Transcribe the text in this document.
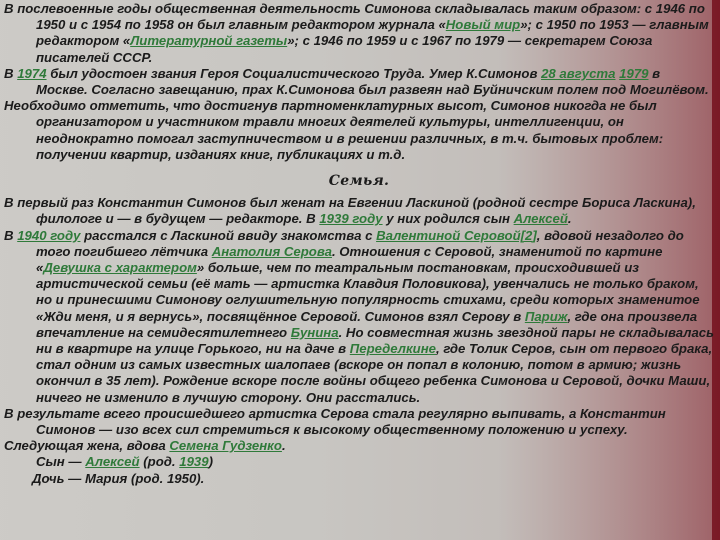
В послевоенные годы общественная деятельность Симонова складывалась таким образом: с 1946 по 1950 и с 1954 по 1958 он был главным редактором журнала «Новый мир»; с 1950 по 1953 — главным редактором «Литературной газеты»; с 1946 по 1959 и с 1967 по 1979 — секретарем Союза писателей СССР.

В 1974 был удостоен звания Героя Социалистического Труда. Умер К.Симонов 28 августа 1979 в Москве. Согласно завещанию, прах К.Симонова был развеян над Буйничским полем под Могилёвом.

Необходимо отметить, что достигнув партноменклатурных высот, Симонов никогда не был организатором и участником травли многих деятелей культуры, интеллигенции, он неоднократно помогал заступничеством и в решении различных, в т.ч. бытовых проблем: получении квартир, изданиях книг, публикациях и т.д.

Семья.

В первый раз Константин Симонов был женат на Евгении Ласкиной (родной сестре Бориса Ласкина), филологе и — в будущем — редакторе. В 1939 году у них родился сын Алексей.

В 1940 году расстался с Ласкиной ввиду знакомства с Валентиной Серовой[2], вдовой незадолго до того погибшего лётчика Анатолия Серова. Отношения с Серовой, знаменитой по картине «Девушка с характером» больше, чем по театральным постановкам, происходившей из артистической семьи (её мать — артистка Клавдия Половикова), увенчались не только браком, но и принесшими Симонову оглушительную популярность стихами, среди которых знаменитое «Жди меня, и я вернусь», посвящённое Серовой. Симонов взял Серову в Париж, где она произвела впечатление на семидесятилетнего Бунина. Но совместная жизнь звездной пары не складывалась ни в квартире на улице Горького, ни на даче в Переделкине, где Толик Серов, сын от первого брака, стал одним из самых известных шалопаев (вскоре он попал в колонию, потом в армию; жизнь окончил в 35 лет). Рождение вскоре после войны общего ребенка Симонова и Серовой, дочки Маши, ничего не изменило в лучшую сторону. Они расстались.

В результате всего происшедшего артистка Серова стала регулярно выпивать, а Константин Симонов — изо всех сил стремиться к высокому общественному положению и успеху.

Следующая жена, вдова Семена Гудзенко.

Сын — Алексей (род. 1939)

Дочь — Мария (род. 1950).
